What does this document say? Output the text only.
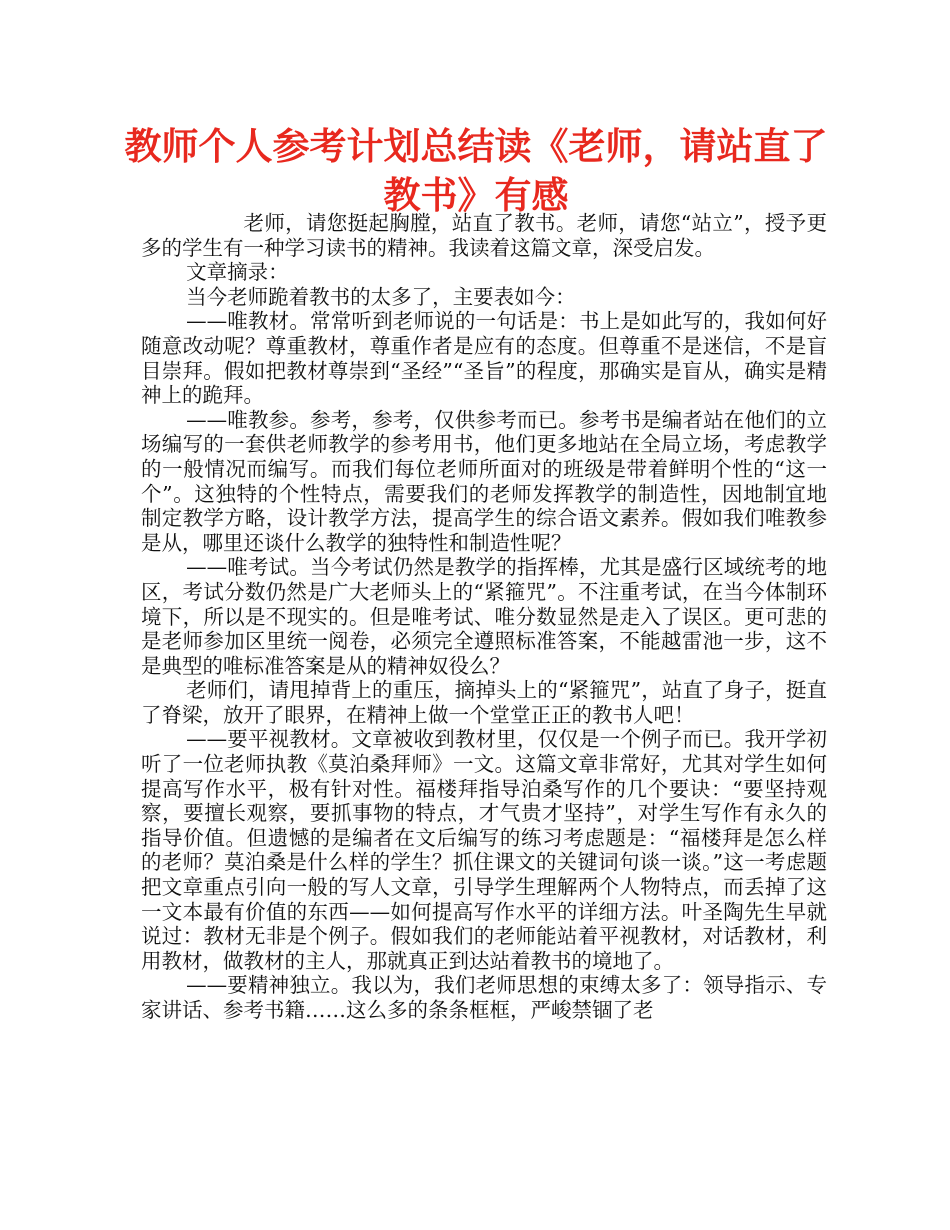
教师个人参考计划总结读《老师，请站直了教书》有感

老师，请您挺起胸膛，站直了教书。老师，请您“站立”，授予更多的学生有一种学习读书的精神。我读着这篇文章，深受启发。

文章摘录：

当今老师跪着教书的太多了，主要表如今：

——唯教材。常常听到老师说的一句话是：书上是如此写的，我如何好随意改动呢？尊重教材，尊重作者是应有的态度。但尊重不是迷信，不是盲目崇拜。假如把教材尊崇到“圣经”“圣旨”的程度，那确实是盲从，确实是精神上的跪拜。

——唯教参。参考，参考，仅供参考而已。参考书是编者站在他们的立场编写的一套供老师教学的参考用书，他们更多地站在全局立场，考虑教学的一般情况而编写。而我们每位老师所面对的班级是带着鲜明个性的“这一个”。这独特的个性特点，需要我们的老师发挥教学的制造性，因地制宜地制定教学方略，设计教学方法，提高学生的综合语文素养。假如我们唯教参是从，哪里还谈什么教学的独特性和制造性呢？

——唯考试。当今考试仍然是教学的指挥棒，尤其是盛行区域统考的地区，考试分数仍然是广大老师头上的“紧箍咒”。不注重考试，在当今体制环境下，所以是不现实的。但是唯考试、唯分数显然是走入了误区。更可悲的是老师参加区里统一阅卷，必须完全遵照标准答案，不能越雷池一步，这不是典型的唯标准答案是从的精神奴役么？

老师们，请甩掉背上的重压，摘掉头上的“紧箍咒”，站直了身子，挺直了脊梁，放开了眼界，在精神上做一个堂堂正正的教书人吧！

——要平视教材。文章被收到教材里，仅仅是一个例子而已。我开学初听了一位老师执教《莫泊桑拜师》一文。这篇文章非常好，尤其对学生如何提高写作水平，极有针对性。福楼拜指导泊桑写作的几个要诀：“要坚持观察，要擅长观察，要抓事物的特点，才气贵才坚持”，对学生写作有永久的指导价值。但遗憾的是编者在文后编写的练习考虑题是：“福楼拜是怎么样的老师？莫泊桑是什么样的学生？抓住课文的关键词句谈一谈。”这一考虑题把文章重点引向一般的写人文章，引导学生理解两个人物特点，而丢掉了这一文本最有价值的东西——如何提高写作水平的详细方法。叶圣陶先生早就说过：教材无非是个例子。假如我们的老师能站着平视教材，对话教材，利用教材，做教材的主人，那就真正到达站着教书的境地了。

——要精神独立。我以为，我们老师思想的束缚太多了：领导指示、专家讲话、参考书籍……这么多的条条框框，严峻禁锢了老
